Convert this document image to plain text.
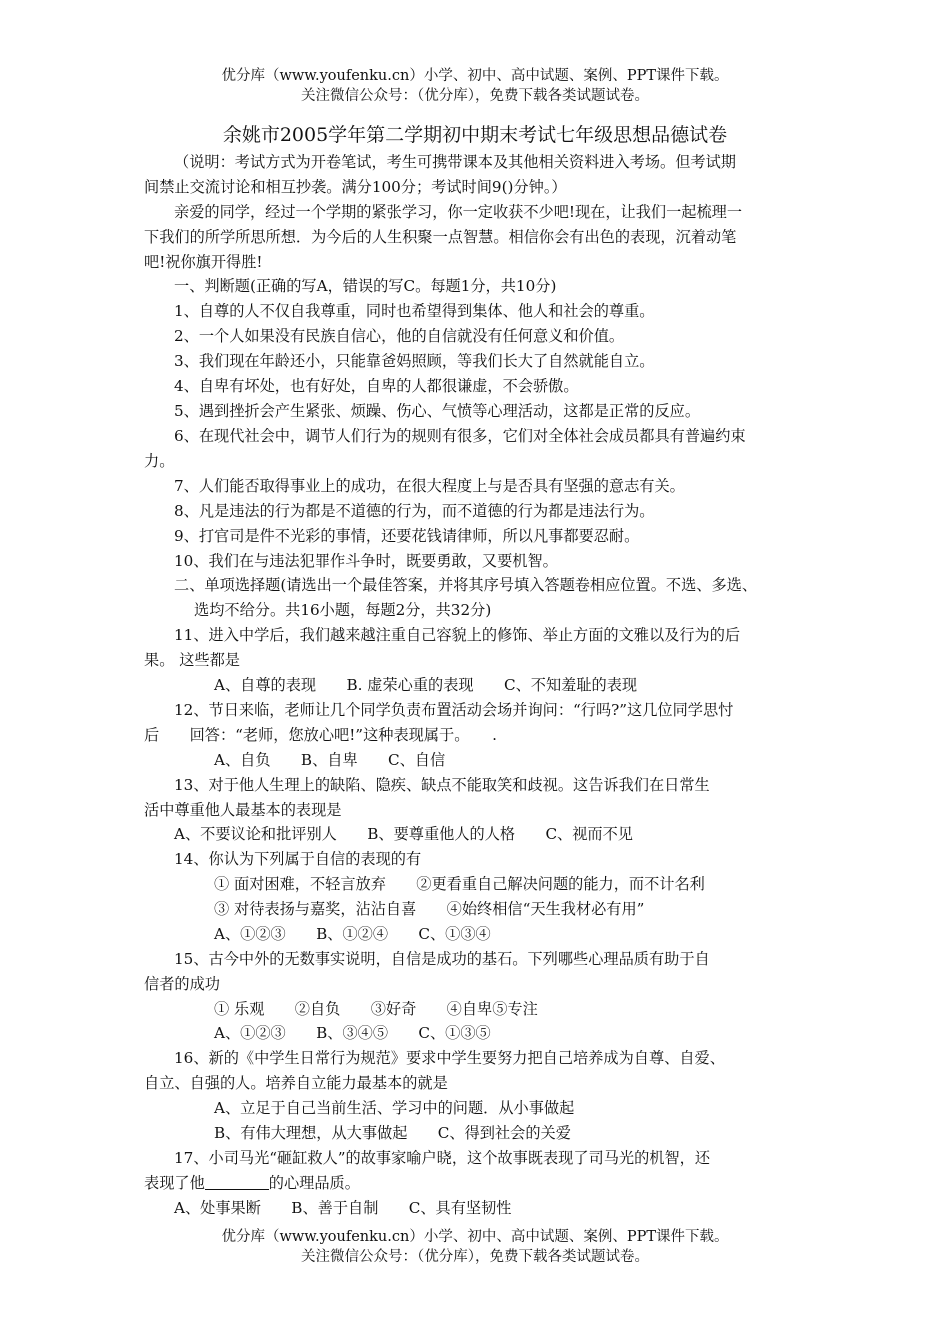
优分库（www.youfenku.cn）小学、初中、高中试题、案例、PPT课件下载。
关注微信公众号：（优分库），免费下载各类试题试卷。
余姚市2005学年第二学期初中期末考试七年级思想品德试卷
（说明：考试方式为开卷笔试，考生可携带课本及其他相关资料进入考场。但考试期
间禁止交流讨论和相互抄袭。满分100分；考试时间9()分钟。）
亲爱的同学，经过一个学期的紧张学习，你一定收获不少吧!现在，让我们一起梳理一
下我们的所学所思所想．为今后的人生积聚一点智慧。相信你会有出色的表现，沉着动笔
吧!祝你旗开得胜!
一、判断题(正确的写A，错误的写C。每题1分，共10分)
1、自尊的人不仅自我尊重，同时也希望得到集体、他人和社会的尊重。
2、一个人如果没有民族自信心，他的自信就没有任何意义和价值。
3、我们现在年龄还小，只能靠爸妈照顾，等我们长大了自然就能自立。
4、自卑有坏处，也有好处，自卑的人都很谦虚，不会骄傲。
5、遇到挫折会产生紧张、烦躁、伤心、气愤等心理活动，这都是正常的反应。
6、在现代社会中，调节人们行为的规则有很多，它们对全体社会成员都具有普遍约束
力。
7、人们能否取得事业上的成功，在很大程度上与是否具有坚强的意志有关。
8、凡是违法的行为都是不道德的行为，而不道德的行为都是违法行为。
9、打官司是件不光彩的事情，还要花钱请律师，所以凡事都要忍耐。
10、我们在与违法犯罪作斗争时，既要勇敢，又要机智。
二、单项选择题(请选出一个最佳答案，并将其序号填入答题卷相应位置。不选、多选、
选均不给分。共16小题，每题2分，共32分)
11、进入中学后，我们越来越注重自己容貌上的修饰、举止方面的文雅以及行为的后
果。 这些都是
A、自尊的表现　　B. 虚荣心重的表现　　C、不知羞耻的表现
12、节日来临，老师让几个同学负责布置活动会场并询问：“行吗?”这几位同学思忖
后　　回答：“老师，您放心吧!”这种表现属于。　　.
A、自负　　B、自卑　　C、自信
13、对于他人生理上的缺陷、隐疾、缺点不能取笑和歧视。这告诉我们在日常生
活中尊重他人最基本的表现是
A、不要议论和批评别人　　B、要尊重他人的人格　　C、视而不见
14、你认为下列属于自信的表现的有
① 面对困难，不轻言放弃　　②更看重自己解决问题的能力，而不计名利
③ 对待表扬与嘉奖，沾沾自喜　　④始终相信“天生我材必有用”
A、①②③　　B、①②④　　C、①③④
15、古今中外的无数事实说明，自信是成功的基石。下列哪些心理品质有助于自
信者的成功
① 乐观　　②自负　　③好奇　　④自卑⑤专注
A、①②③　　B、③④⑤　　C、①③⑤
16、新的《中学生日常行为规范》要求中学生要努力把自己培养成为自尊、自爱、
自立、自强的人。培养自立能力最基本的就是
A、立足于自己当前生活、学习中的问题．从小事做起
B、有伟大理想，从大事做起　　C、得到社会的关爱
17、小司马光“砸缸救人”的故事家喻户晓，这个故事既表现了司马光的机智，还
表现了他	的心理品质。
A、处事果断　　B、善于自制　　C、具有坚韧性
优分库（www.youfenku.cn）小学、初中、高中试题、案例、PPT课件下载。
关注微信公众号：（优分库），免费下载各类试题试卷。
